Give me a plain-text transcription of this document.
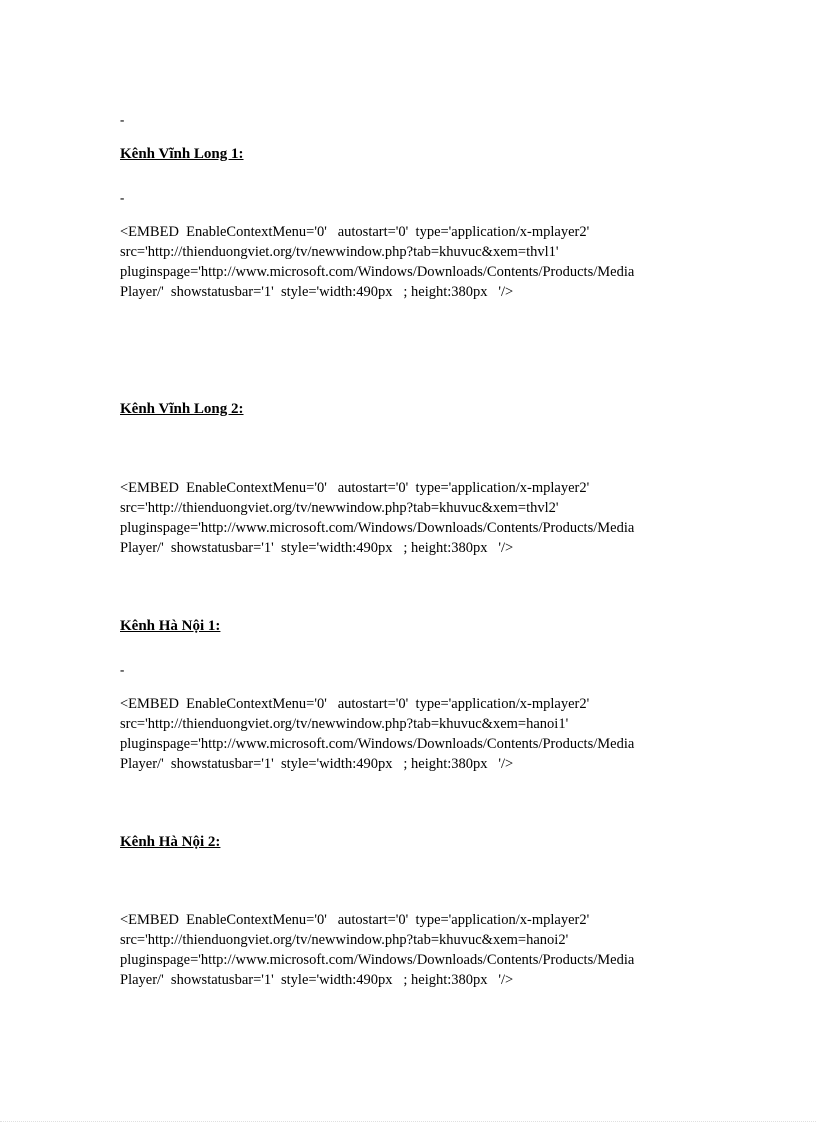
-
Kênh Vĩnh Long 1:
-
<EMBED  EnableContextMenu='0'   autostart='0'  type='application/x-mplayer2'
src='http://thienduongviet.org/tv/newwindow.php?tab=khuvuc&xem=thvl1'
pluginspage='http://www.microsoft.com/Windows/Downloads/Contents/Products/Media
Player/'  showstatusbar='1'  style='width:490px   ; height:380px   '/>
Kênh Vĩnh Long 2:
<EMBED  EnableContextMenu='0'   autostart='0'  type='application/x-mplayer2'
src='http://thienduongviet.org/tv/newwindow.php?tab=khuvuc&xem=thvl2'
pluginspage='http://www.microsoft.com/Windows/Downloads/Contents/Products/Media
Player/'  showstatusbar='1'  style='width:490px   ; height:380px   '/>
Kênh Hà Nội 1:
-
<EMBED  EnableContextMenu='0'   autostart='0'  type='application/x-mplayer2'
src='http://thienduongviet.org/tv/newwindow.php?tab=khuvuc&xem=hanoi1'
pluginspage='http://www.microsoft.com/Windows/Downloads/Contents/Products/Media
Player/'  showstatusbar='1'  style='width:490px   ; height:380px   '/>
Kênh Hà Nội 2:
<EMBED  EnableContextMenu='0'   autostart='0'  type='application/x-mplayer2'
src='http://thienduongviet.org/tv/newwindow.php?tab=khuvuc&xem=hanoi2'
pluginspage='http://www.microsoft.com/Windows/Downloads/Contents/Products/Media
Player/'  showstatusbar='1'  style='width:490px   ; height:380px   '/>
